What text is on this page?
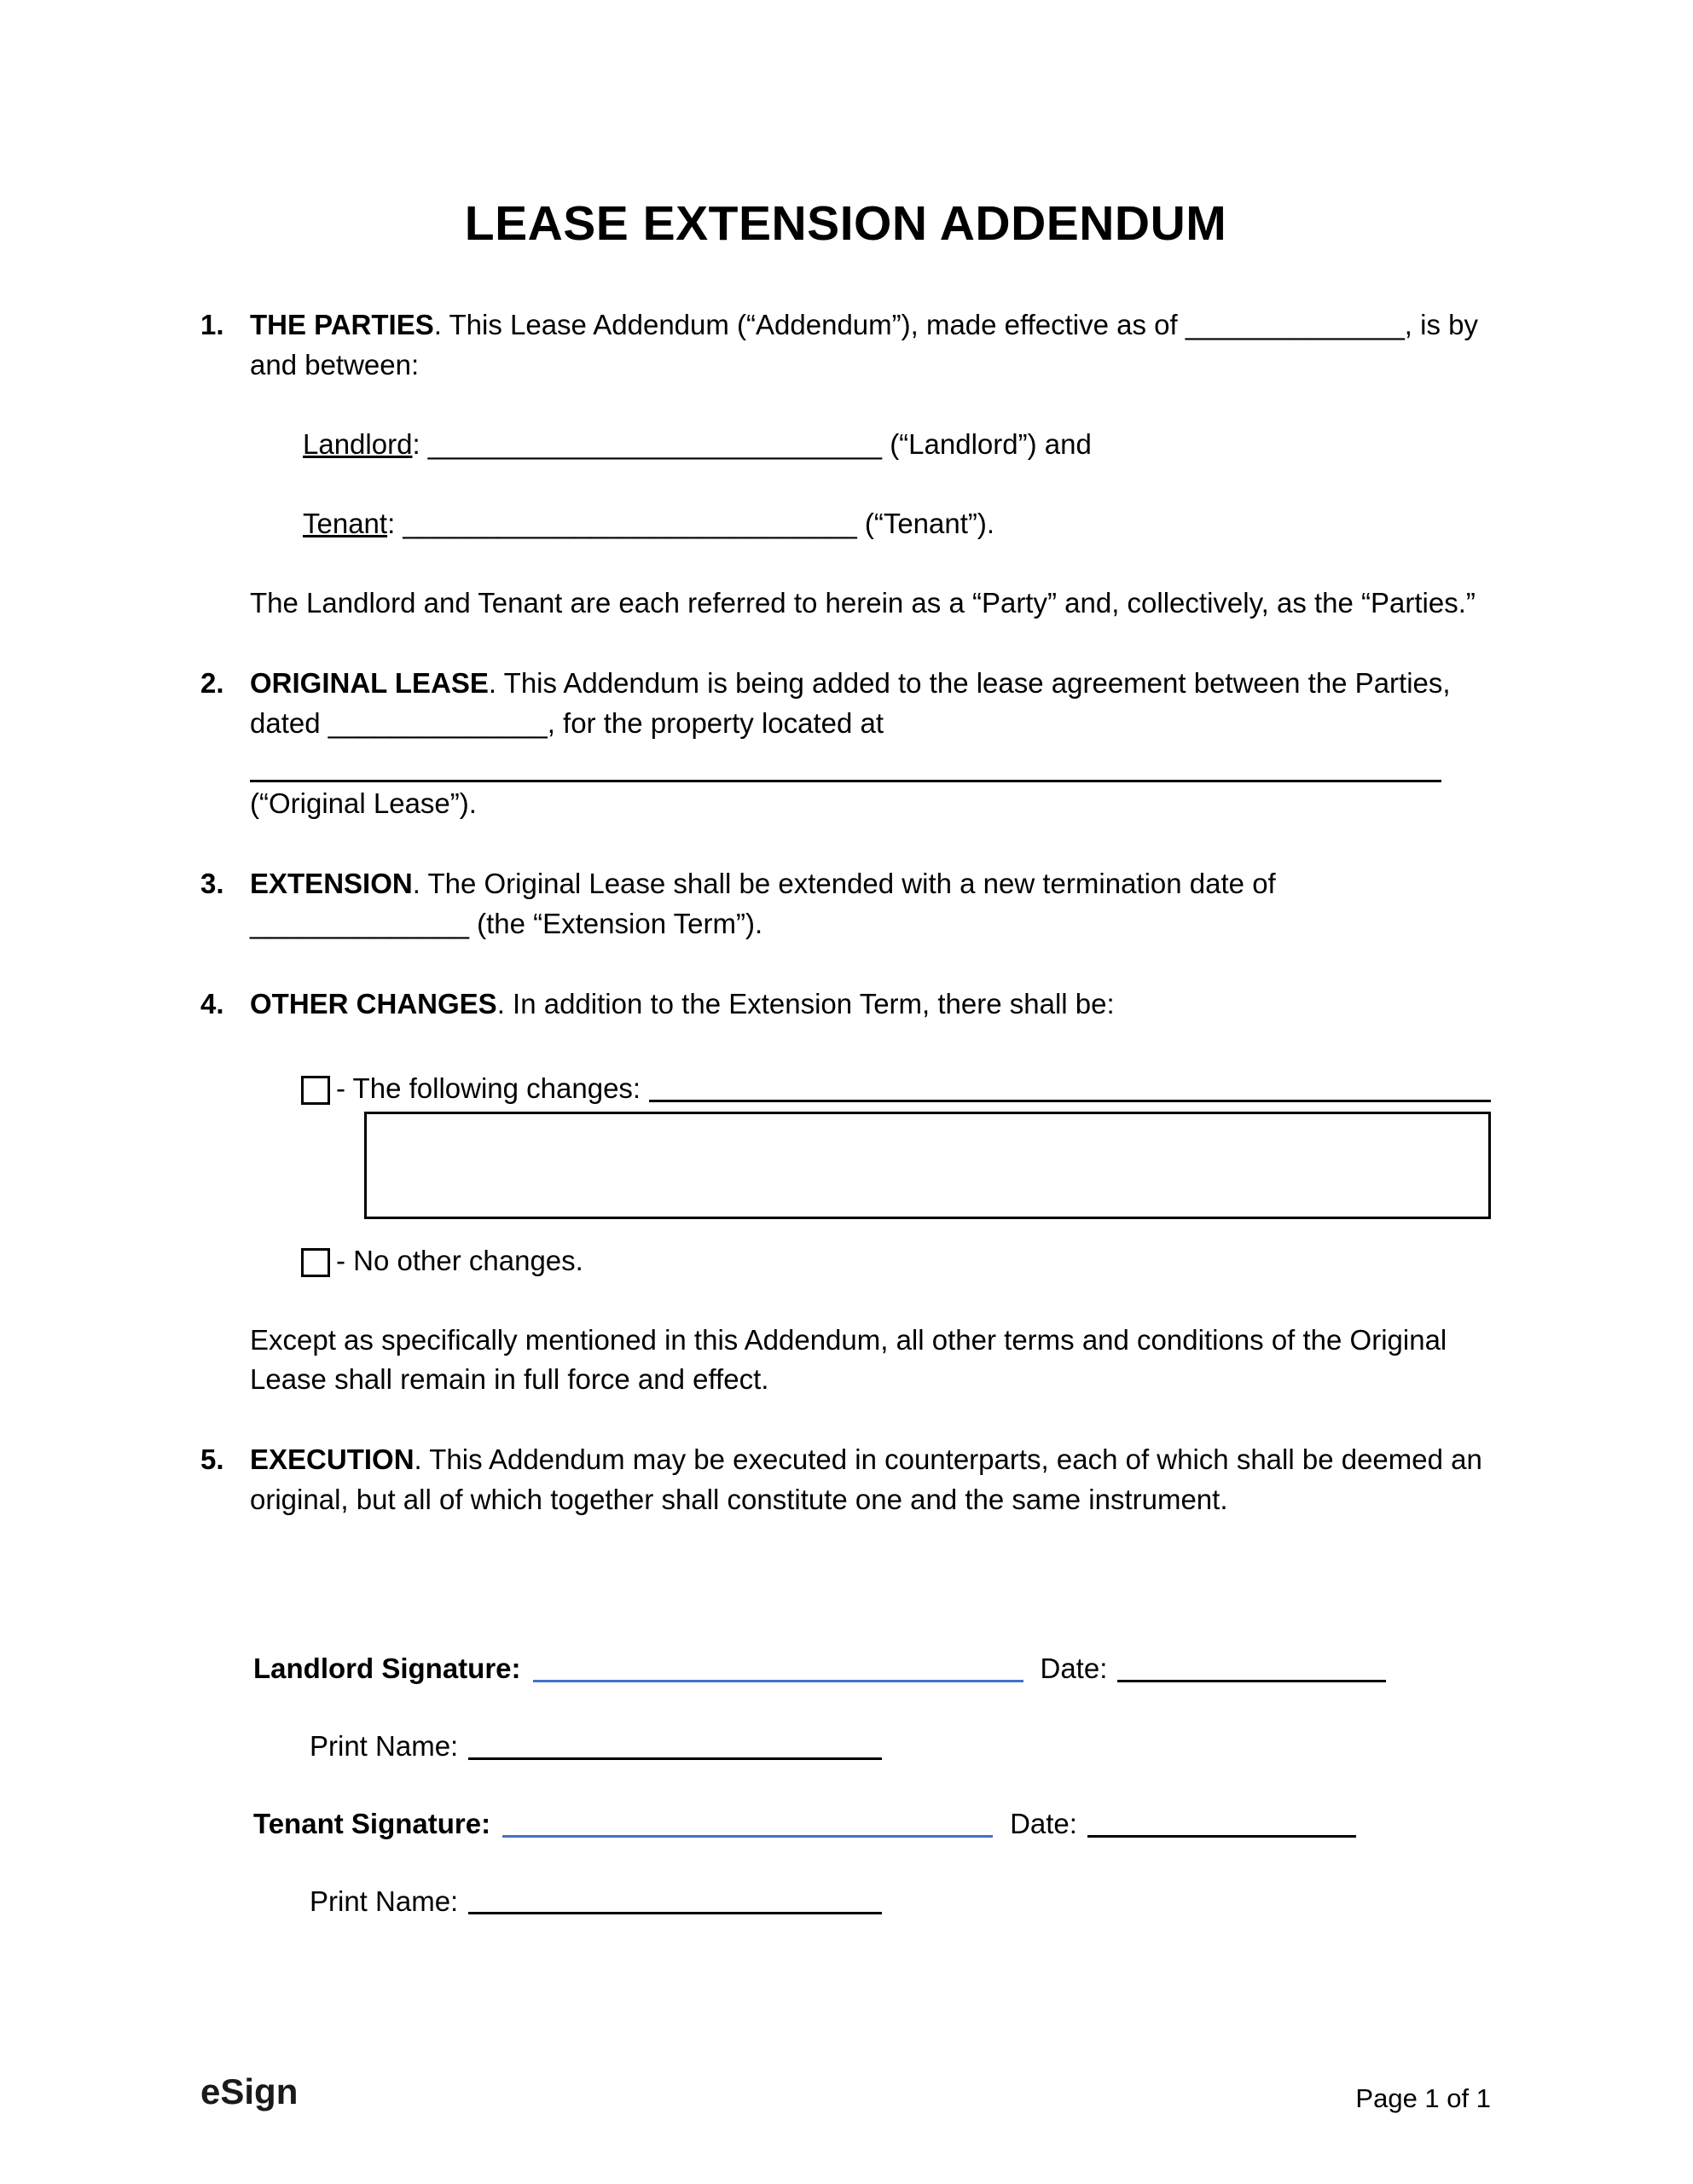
LEASE EXTENSION ADDENDUM
1. THE PARTIES. This Lease Addendum (“Addendum”), made effective as of ______________, is by and between:

Landlord: _____________________________ (“Landlord”) and

Tenant: _____________________________ (“Tenant”).

The Landlord and Tenant are each referred to herein as a “Party” and, collectively, as the “Parties.”

2. ORIGINAL LEASE. This Addendum is being added to the lease agreement between the Parties, dated ______________, for the property located at

(“Original Lease”).

3. EXTENSION. The Original Lease shall be extended with a new termination date of ______________ (the “Extension Term”).

4. OTHER CHANGES. In addition to the Extension Term, there shall be:

- The following changes:
- No other changes.

Except as specifically mentioned in this Addendum, all other terms and conditions of the Original Lease shall remain in full force and effect.

5. EXECUTION. This Addendum may be executed in counterparts, each of which shall be deemed an original, but all of which together shall constitute one and the same instrument.

Landlord Signature:	Date:
Print Name:
Tenant Signature:	Date:
Print Name:
eSign	Page 1 of 1
